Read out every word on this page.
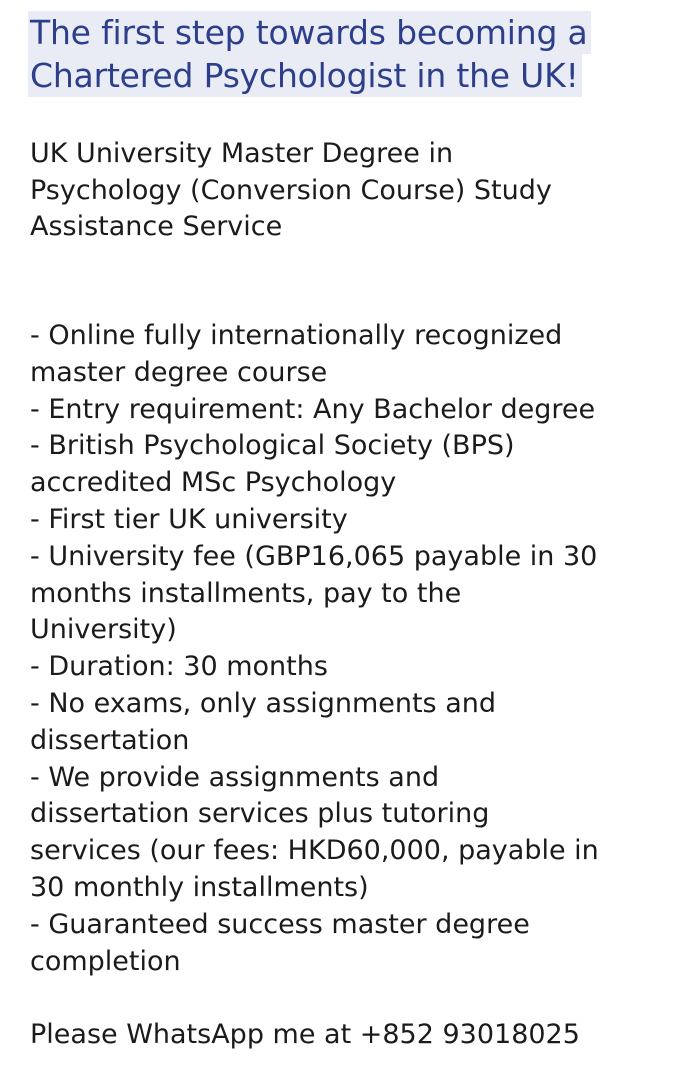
The first step towards becoming a
Chartered Psychologist in the UK!

UK University Master Degree in
Psychology (Conversion Course) Study
Assistance Service

- Online fully internationally recognized
master degree course
- Entry requirement: Any Bachelor degree
- British Psychological Society (BPS)
accredited MSc Psychology
- First tier UK university
- University fee (GBP16,065 payable in 30
months installments, pay to the
University)
- Duration: 30 months
- No exams, only assignments and
dissertation
- We provide assignments and
dissertation services plus tutoring
services (our fees: HKD60,000, payable in
30 monthly installments)
- Guaranteed success master degree
completion

Please WhatsApp me at +852 93018025
